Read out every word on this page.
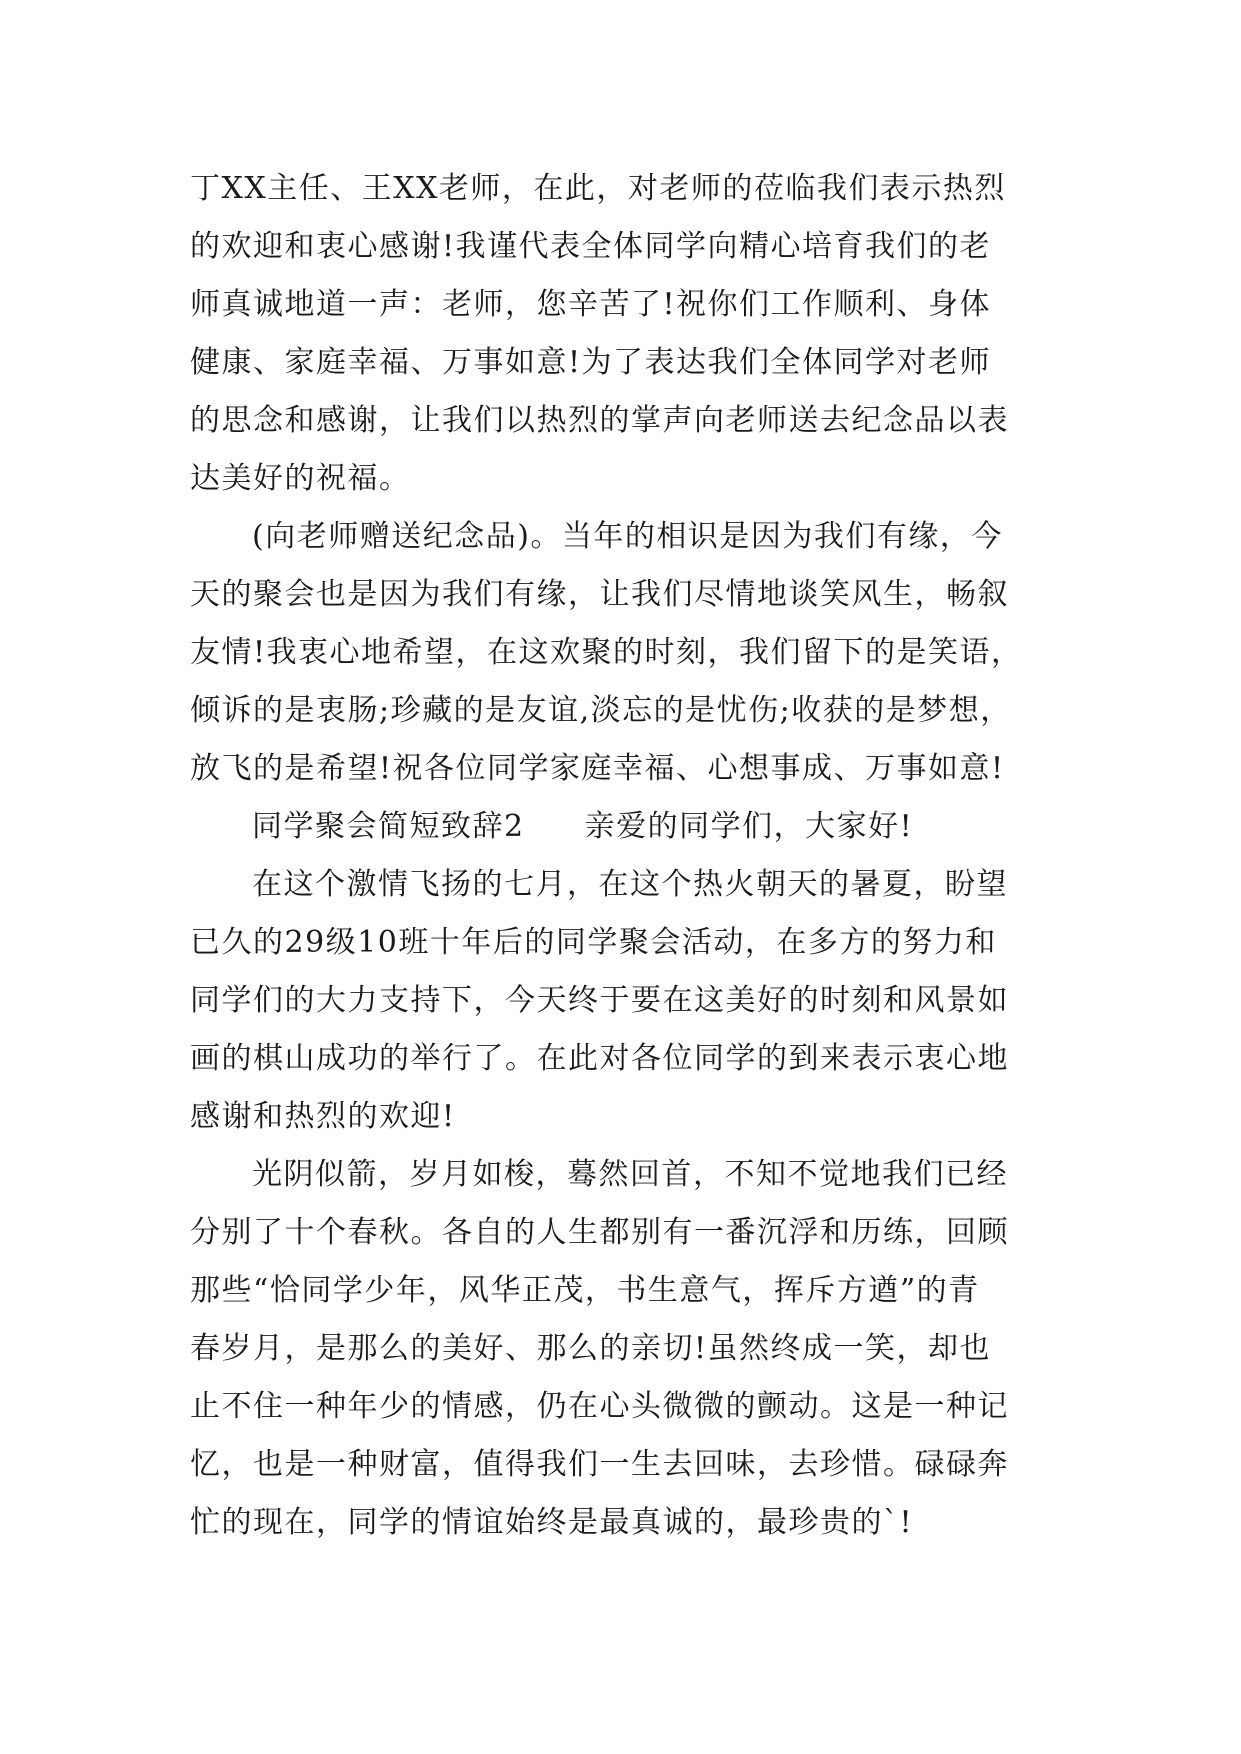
丁XX主任、王XX老师，在此，对老师的莅临我们表示热烈
的欢迎和衷心感谢!我谨代表全体同学向精心培育我们的老
师真诚地道一声：老师，您辛苦了!祝你们工作顺利、身体
健康、家庭幸福、万事如意!为了表达我们全体同学对老师
的思念和感谢，让我们以热烈的掌声向老师送去纪念品以表
达美好的祝福。
(向老师赠送纪念品)。当年的相识是因为我们有缘，今
天的聚会也是因为我们有缘，让我们尽情地谈笑风生，畅叙
友情!我衷心地希望，在这欢聚的时刻，我们留下的是笑语，
倾诉的是衷肠;珍藏的是友谊,淡忘的是忧伤;收获的是梦想，
放飞的是希望!祝各位同学家庭幸福、心想事成、万事如意!
同学聚会简短致辞2 亲爱的同学们，大家好!
在这个激情飞扬的七月，在这个热火朝天的暑夏，盼望
已久的29级10班十年后的同学聚会活动，在多方的努力和
同学们的大力支持下，今天终于要在这美好的时刻和风景如
画的棋山成功的举行了。在此对各位同学的到来表示衷心地
感谢和热烈的欢迎!
光阴似箭，岁月如梭，蓦然回首，不知不觉地我们已经
分别了十个春秋。各自的人生都别有一番沉浮和历练，回顾
那些“恰同学少年，风华正茂，书生意气，挥斥方遒”的青
春岁月，是那么的美好、那么的亲切!虽然终成一笑，却也
止不住一种年少的情感，仍在心头微微的颤动。这是一种记
忆，也是一种财富，值得我们一生去回味，去珍惜。碌碌奔
忙的现在，同学的情谊始终是最真诚的，最珍贵的`!
